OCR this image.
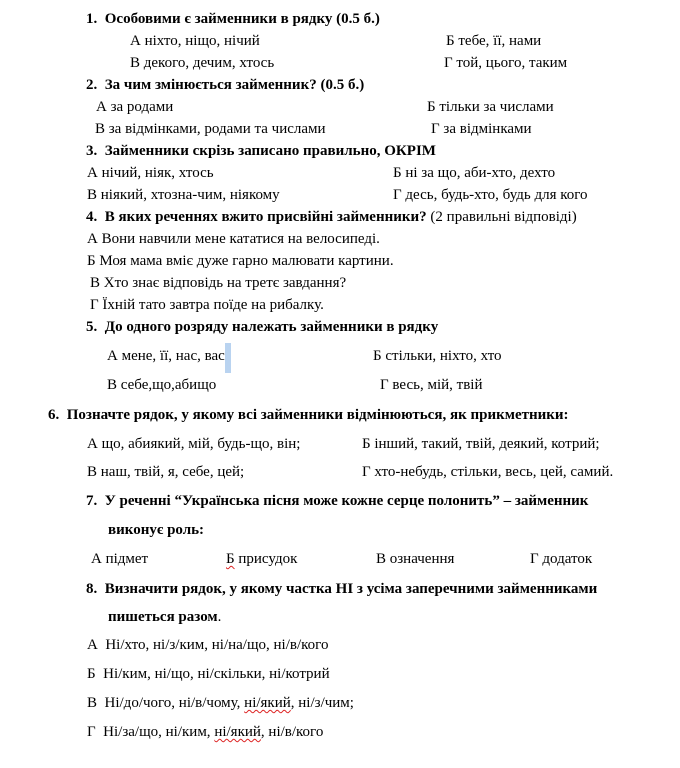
1. Особовими є займенники в рядку (0.5 б.)
А ніхто, ніщо, нічий	Б тебе, її, нами
В декого, дечим, хтось	Г той, цього, таким
2. За чим змінюється займенник? (0.5 б.)
А за родами	Б тільки за числами
В за відмінками, родами та числами	Г за відмінками
3. Займенники скрізь записано правильно, ОКРІМ
А нічий, ніяк, хтось	Б ні за що, аби-хто, дехто
В ніякий, хтозна-чим, ніякому	Г десь, будь-хто, будь для кого
4. В яких реченнях вжито присвійні займенники? (2 правильні відповіді)
А Вони навчили мене кататися на велосипеді.
Б Моя мама вміє дуже гарно малювати картини.
В Хто знає відповідь на третє завдання?
Г Їхній тато завтра поїде на рибалку.
5. До одного розряду належать займенники в рядку
А мене, її, нас, вас	Б стільки, ніхто, хто
В себе,що,абищо	Г весь, мій, твій
6. Позначте рядок, у якому всі займенники відмінюються, як прикметники:
А що, абиякий, мій, будь-що, він;	Б інший, такий, твій, деякий, котрий;
В наш, твій, я, себе, цей;	Г хто-небудь, стільки, весь, цей, самий.
7. У реченні “Українська пісня може кожне серце полонить” – займенник
виконує роль:
А підмет	Б присудок	В означення	Г додаток
8. Визначити рядок, у якому частка НІ з усіма заперечними займенниками
пишеться разом.
А Ні/хто, ні/з/ким, ні/на/що, ні/в/кого
Б Ні/ким, ні/що, ні/скільки, ні/котрий
В Ні/до/чого, ні/в/чому, ні/який, ні/з/чим;
Г Ні/за/що, ні/ким, ні/який, ні/в/кого
